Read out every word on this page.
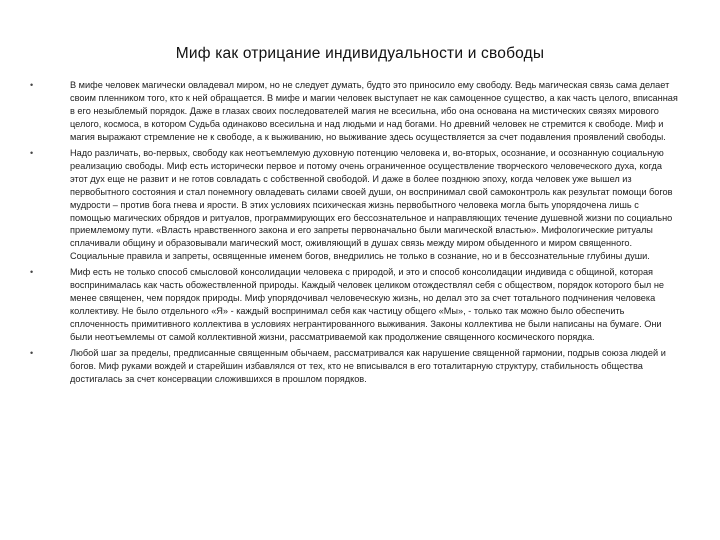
Миф как отрицание индивидуальности и свободы
•	В мифе человек магически овладевал миром, но не следует думать, будто это приносило ему свободу. Ведь магическая связь сама делает своим пленником того, кто к ней обращается. В мифе и магии человек выступает не как самоценное существо, а как часть целого, вписанная в его незыблемый порядок. Даже в глазах своих последователей магия не всесильна, ибо она основана на мистических связях мирового целого, космоса, в котором Судьба одинаково всесильна и над людьми и над богами. Но древний человек не стремится к свободе. Миф и магия выражают стремление не к свободе, а к выживанию, но выживание здесь осуществляется за счет подавления проявлений свободы.
•	Надо различать, во-первых, свободу как неотъемлемую духовную потенцию человека и, во-вторых, осознание, и осознанную социальную реализацию свободы. Миф есть исторически первое и потому очень ограниченное осуществление творческого человеческого духа, когда этот дух еще не развит и не готов совладать с собственной свободой. И даже в более позднюю эпоху, когда человек уже вышел из первобытного состояния и стал понемногу овладевать силами своей души, он воспринимал свой самоконтроль как результат помощи богов мудрости – против бога гнева и ярости. В этих условиях психическая жизнь первобытного человека могла быть упорядочена лишь с помощью магических обрядов и ритуалов, программирующих его бессознательное и направляющих течение душевной жизни по социально приемлемому пути. «Власть нравственного закона и его запреты первоначально были магической властью». Мифологические ритуалы сплачивали общину и образовывали магический мост, оживляющий в душах связь между миром обыденного и миром священного. Социальные правила и запреты, освященные именем богов, внедрились не только в сознание, но и в бессознательные глубины души.
•	Миф есть не только способ смысловой консолидации человека с природой, и это и способ консолидации индивида с общиной, которая воспринималась как часть обожествленной природы. Каждый человек целиком отождествлял себя с обществом, порядок которого был не менее священен, чем порядок природы. Миф упорядочивал человеческую жизнь, но делал это за счет тотального подчинения человека коллективу. Не было отдельного «Я» - каждый воспринимал себя как частицу общего «Мы», - только так можно было обеспечить сплоченность примитивного коллектива в условиях негрантированного выживания. Законы коллектива не были написаны на бумаге. Они были неотъемлемы от самой коллективной жизни, рассматриваемой как продолжение священного космического порядка.
•	Любой шаг за пределы, предписанные священным обычаем, рассматривался как нарушение священной гармонии, подрыв союза людей и богов. Миф руками вождей и старейшин избавлялся от тех, кто не вписывался в его тоталитарную структуру, стабильность общества достигалась за счет консервации сложившихся в прошлом порядков.
